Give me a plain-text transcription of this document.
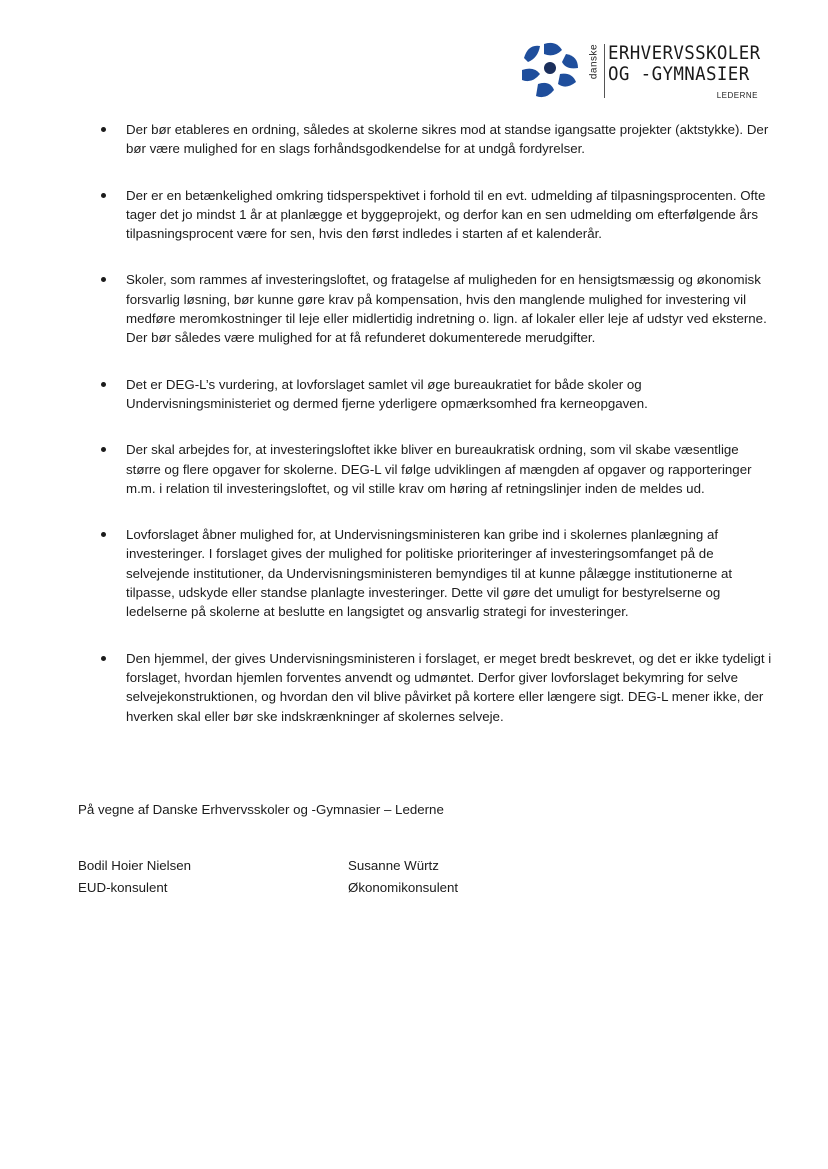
danske ERHVERVSSKOLER
OG -GYMNASIER
LEDERNE
Der bør etableres en ordning, således at skolerne sikres mod at standse igangsatte projekter (aktstykke). Der bør være mulighed for en slags forhåndsgodkendelse for at undgå fordyrelser.
Der er en betænkelighed omkring tidsperspektivet i forhold til en evt. udmelding af tilpasningsprocenten. Ofte tager det jo mindst 1 år at planlægge et byggeprojekt, og derfor kan en sen udmelding om efterfølgende års tilpasningsprocent være for sen, hvis den først indledes i starten af et kalenderår.
Skoler, som rammes af investeringsloftet, og fratagelse af muligheden for en hensigtsmæssig og økonomisk forsvarlig løsning, bør kunne gøre krav på kompensation, hvis den manglende mulighed for investering vil medføre meromkostninger til leje eller midlertidig indretning o. lign. af lokaler eller leje af udstyr ved eksterne. Der bør således være mulighed for at få refunderet dokumenterede merudgifter.
Det er DEG-L’s vurdering, at lovforslaget samlet vil øge bureaukratiet for både skoler og Undervisningsministeriet og dermed fjerne yderligere opmærksomhed fra kerneopgaven.
Der skal arbejdes for, at investeringsloftet ikke bliver en bureaukratisk ordning, som vil skabe væsentlige større og flere opgaver for skolerne. DEG-L vil følge udviklingen af mængden af opgaver og rapporteringer m.m. i relation til investeringsloftet, og vil stille krav om høring af retningslinjer inden de meldes ud.
Lovforslaget åbner mulighed for, at Undervisningsministeren kan gribe ind i skolernes planlægning af investeringer. I forslaget gives der mulighed for politiske prioriteringer af investeringsomfanget på de selvejende institutioner, da Undervisningsministeren bemyndiges til at kunne pålægge institutionerne at tilpasse, udskyde eller standse planlagte investeringer. Dette vil gøre det umuligt for bestyrelserne og ledelserne på skolerne at beslutte en langsigtet og ansvarlig strategi for investeringer.
Den hjemmel, der gives Undervisningsministeren i forslaget, er meget bredt beskrevet, og det er ikke tydeligt i forslaget, hvordan hjemlen forventes anvendt og udmøntet. Derfor giver lovforslaget bekymring for selve selvejekonstruktionen, og hvordan den vil blive påvirket på kortere eller længere sigt. DEG-L mener ikke, der hverken skal eller bør ske indskrænkninger af skolernes selveje.
På vegne af Danske Erhvervsskoler og -Gymnasier – Lederne
Bodil Hoier Nielsen
EUD-konsulent
Susanne Würtz
Økonomikonsulent
